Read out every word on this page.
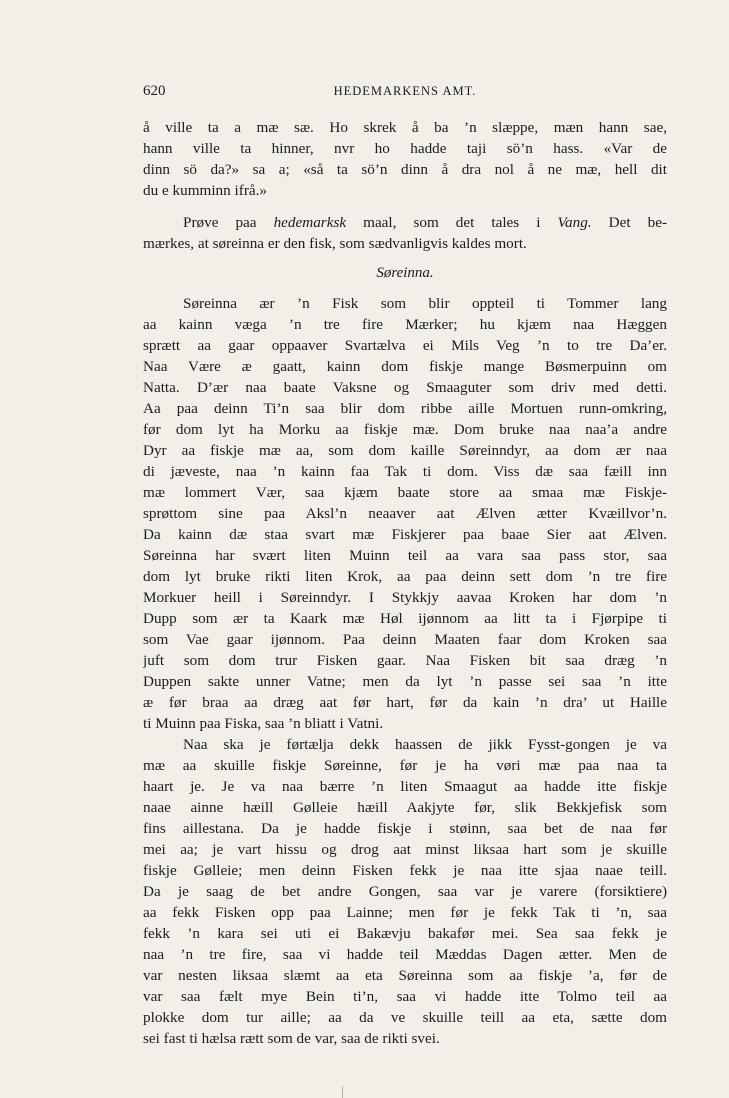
620	HEDEMARKENS AMT.
å ville ta a mæ sæ. Ho skrek å ba ’n slæppe, mæn hann sae,
hann ville ta hinner, nvr ho hadde taji sö’n hass. «Var de
dinn sö da?» sa a; «så ta sö’n dinn å dra nol å ne mæ, hell dit
du e kumminn ifrå.»
Prøve paa hedemarksk maal, som det tales i Vang. Det be-
mærkes, at søreinna er den fisk, som sædvanligvis kaldes mort.
Søreinna.
Søreinna ær ’n Fisk som blir oppteil ti Tommer lang
aa kainn væga ’n tre fire Mærker; hu kjæm naa Hæggen
sprætt aa gaar oppaaver Svartælva ei Mils Veg ’n to tre Da’er.
Naa Være æ gaatt, kainn dom fiskje mange Bøsmerpuinn om
Natta. D’ær naa baate Vaksne og Smaaguter som driv med detti.
Aa paa deinn Ti’n saa blir dom ribbe aille Mortuen runn-omkring,
før dom lyt ha Morku aa fiskje mæ. Dom bruke naa naa’a andre
Dyr aa fiskje mæ aa, som dom kaille Søreinndyr, aa dom ær naa
di jæveste, naa ’n kainn faa Tak ti dom. Viss dæ saa fæill inn
mæ lommert Vær, saa kjæm baate store aa smaa mæ Fiskje-
sprøttom sine paa Aksl’n neaaver aat Ælven ætter Kvæillvor’n.
Da kainn dæ staa svart mæ Fiskjerer paa baae Sier aat Ælven.
Søreinna har svært liten Muinn teil aa vara saa pass stor, saa
dom lyt bruke rikti liten Krok, aa paa deinn sett dom ’n tre fire
Morkuer heill i Søreinndyr. I Stykkjy aavaa Kroken har dom ’n
Dupp som ær ta Kaark mæ Høl ijønnom aa litt ta i Fjørpipe ti
som Vae gaar ijønnom. Paa deinn Maaten faar dom Kroken saa
juft som dom trur Fisken gaar. Naa Fisken bit saa dræg ’n
Duppen sakte unner Vatne; men da lyt ’n passe sei saa ’n itte
æ før braa aa dræg aat før hart, før da kain ’n dra’ ut Haille
ti Muinn paa Fiska, saa ’n bliatt i Vatni.
Naa ska je førtælja dekk haassen de jikk Fysst-gongen je va
mæ aa skuille fiskje Søreinne, før je ha vøri mæ paa naa ta
haart je. Je va naa bærre ’n liten Smaagut aa hadde itte fiskje
naae ainne hæill Gølleie hæill Aakjyte før, slik Bekkjefisk som
fins aillestana. Da je hadde fiskje i støinn, saa bet de naa før
mei aa; je vart hissu og drog aat minst liksaa hart som je skuille
fiskje Gølleie; men deinn Fisken fekk je naa itte sjaa naae teill.
Da je saag de bet andre Gongen, saa var je varere (forsiktiere)
aa fekk Fisken opp paa Lainne; men før je fekk Tak ti ’n, saa
fekk ’n kara sei uti ei Bakævju bakafør mei. Sea saa fekk je
naa ’n tre fire, saa vi hadde teil Mæddas Dagen ætter. Men de
var nesten liksaa slæmt aa eta Søreinna som aa fiskje ’a, før de
var saa fælt mye Bein ti’n, saa vi hadde itte Tolmo teil aa
plokke dom tur aille; aa da ve skuille teill aa eta, sætte dom
sei fast ti hælsa rætt som de var, saa de rikti svei.
